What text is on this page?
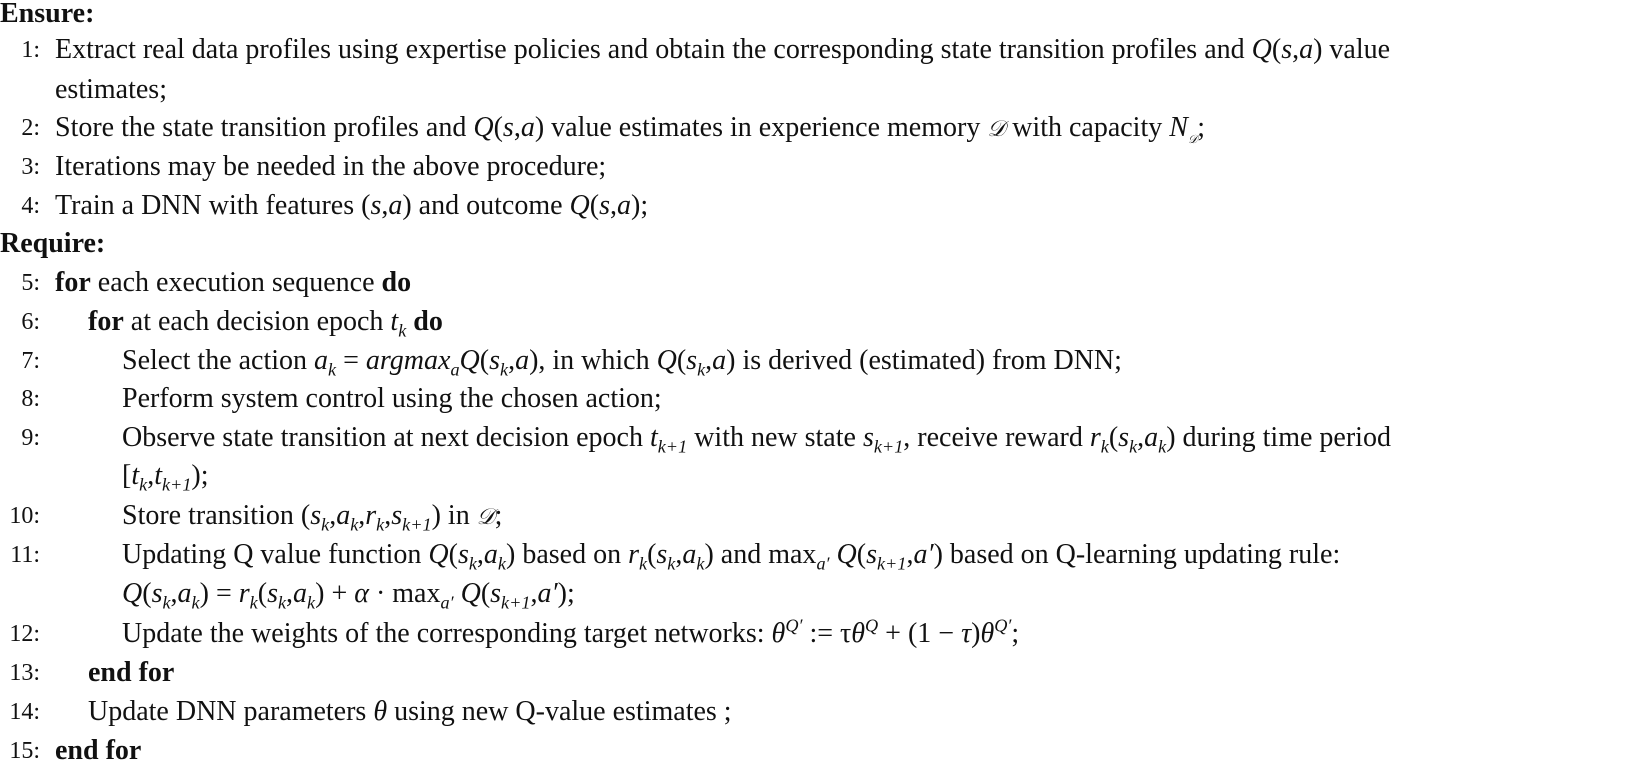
Ensure:
1: Extract real data profiles using expertise policies and obtain the corresponding state transition profiles and Q(s,a) value
2: Store the state transition profiles and Q(s,a) value estimates in experience memory 𝒟 with capacity $N_𝒟$;
3: Iterations may be needed in the above procedure;
4: Train a DNN with features (s,a) and outcome Q(s,a);
Require:
5: for each execution sequence do
6: for at each decision epoch $t_k$ do
7:	Select the action $a_k = argmax_aQ(s_k,a)$, in which $Q(s_k,a)$ is derived (estimated) from DNN;
8:	Perform system control using the chosen action;
9:	Observe state transition at next decision epoch $t_{k+1}$ with new state $s_{k+1}$, receive reward $r_k(s_k,a_k)$ during time period
10:	Store transition $(s_k,a_k,r_k,s_{k+1})$ in 𝒟;
11:	Updating Q value function $Q(s_k,a_k)$ based on $r_k(s_k,a_k)$ and $\max_{a'} Q(s_{k+1},a')$ based on Q-learning updating rule:
12:	Update the weights of the corresponding target networks: $\theta^{Q'}$ := $\tau\theta^Q + (1 - \tau)\theta^{Q'}$;
13: end for
14: Update DNN parameters θ using new Q-value estimates ;
15: end for
estimates;
$[t_k,t_{k+1})$;
$Q(s_k,a_k) = r_k(s_k,a_k) + \alpha \cdot \max_{a'} Q(s_{k+1},a')$;
